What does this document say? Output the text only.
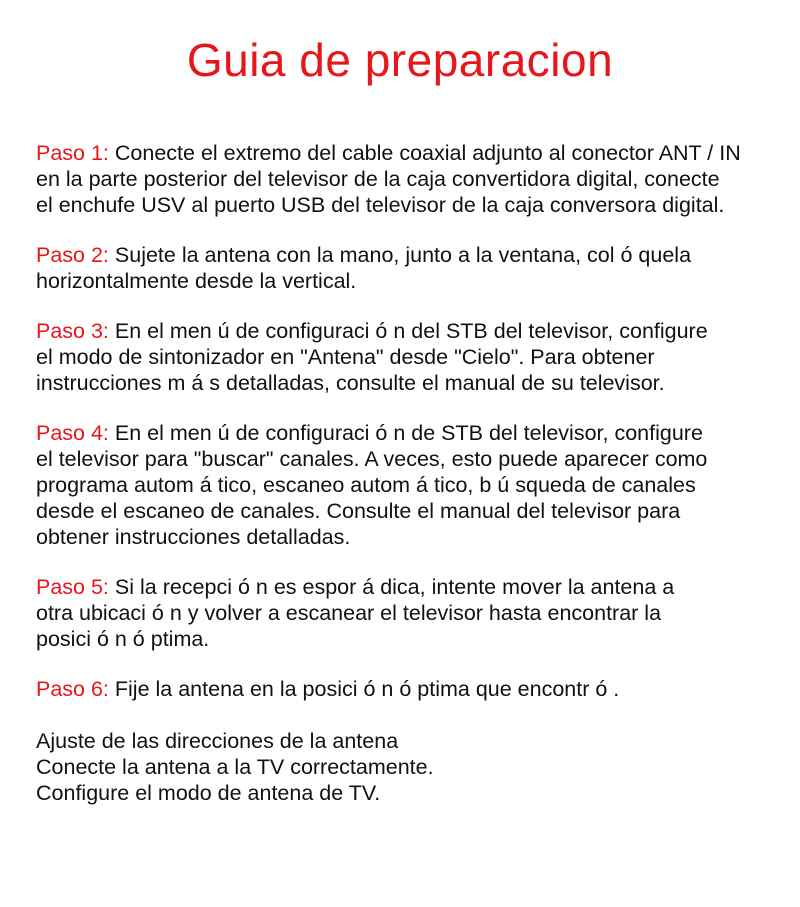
Guia de preparacion
Paso 1: Conecte el extremo del cable coaxial adjunto al conector ANT / IN
en la parte posterior del televisor de la caja convertidora digital, conecte
el enchufe USV al puerto USB del televisor de la caja conversora digital.
Paso 2: Sujete la antena con la mano, junto a la ventana, col ó quela
horizontalmente desde la vertical.
Paso 3: En el men ú de configuraci ó n del STB del televisor, configure
el modo de sintonizador en "Antena" desde "Cielo". Para obtener
instrucciones m á s detalladas, consulte el manual de su televisor.
Paso 4: En el men ú de configuraci ó n de STB del televisor, configure
el televisor para "buscar" canales. A veces, esto puede aparecer como
programa autom á tico, escaneo autom á tico, b ú squeda de canales
desde el escaneo de canales. Consulte el manual del televisor para
obtener instrucciones detalladas.
Paso 5: Si la recepci ó n es espor á dica, intente mover la antena a
otra ubicaci ó n y volver a escanear el televisor hasta encontrar la
posici ó n ó ptima.
Paso 6: Fije la antena en la posici ó n ó ptima que encontr ó .
Ajuste de las direcciones de la antena
Conecte la antena a la TV correctamente.
Configure el modo de antena de TV.
